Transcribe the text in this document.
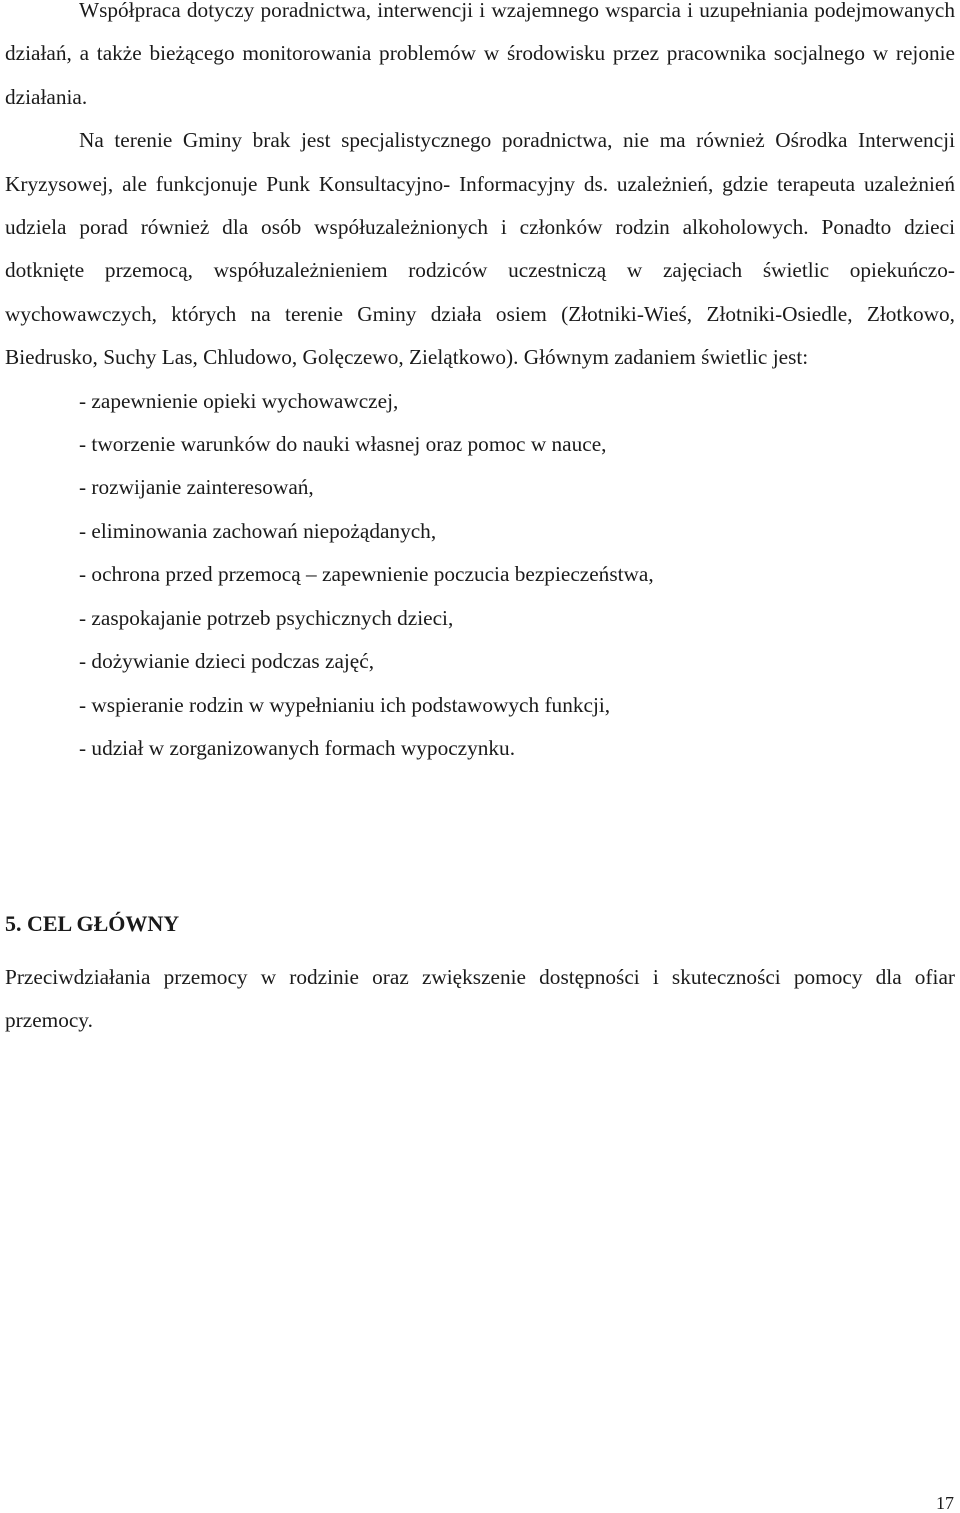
Współpraca dotyczy poradnictwa, interwencji i wzajemnego wsparcia i uzupełniania podejmowanych działań, a także bieżącego monitorowania problemów w środowisku przez pracownika socjalnego w rejonie działania.

Na terenie Gminy brak jest specjalistycznego poradnictwa, nie ma również Ośrodka Interwencji Kryzysowej, ale funkcjonuje Punk Konsultacyjno- Informacyjny ds. uzależnień, gdzie terapeuta uzależnień udziela porad również dla osób współuzależnionych i członków rodzin alkoholowych. Ponadto dzieci dotknięte przemocą, współuzależnieniem rodziców uczestniczą w zajęciach świetlic opiekuńczo-wychowawczych, których na terenie Gminy działa osiem (Złotniki-Wieś, Złotniki-Osiedle, Złotkowo, Biedrusko, Suchy Las, Chludowo, Golęczewo, Zielątkowo). Głównym zadaniem świetlic jest:

- zapewnienie opieki wychowawczej,
- tworzenie warunków do nauki własnej oraz pomoc w nauce,
- rozwijanie zainteresowań,
- eliminowania zachowań niepożądanych,
- ochrona przed przemocą – zapewnienie poczucia bezpieczeństwa,
- zaspokajanie potrzeb psychicznych dzieci,
- dożywianie dzieci podczas zajęć,
- wspieranie rodzin w wypełnianiu ich podstawowych funkcji,
- udział w zorganizowanych formach wypoczynku.
5. CEL GŁÓWNY

Przeciwdziałania przemocy w rodzinie oraz zwiększenie dostępności i skuteczności pomocy dla ofiar przemocy.

17
